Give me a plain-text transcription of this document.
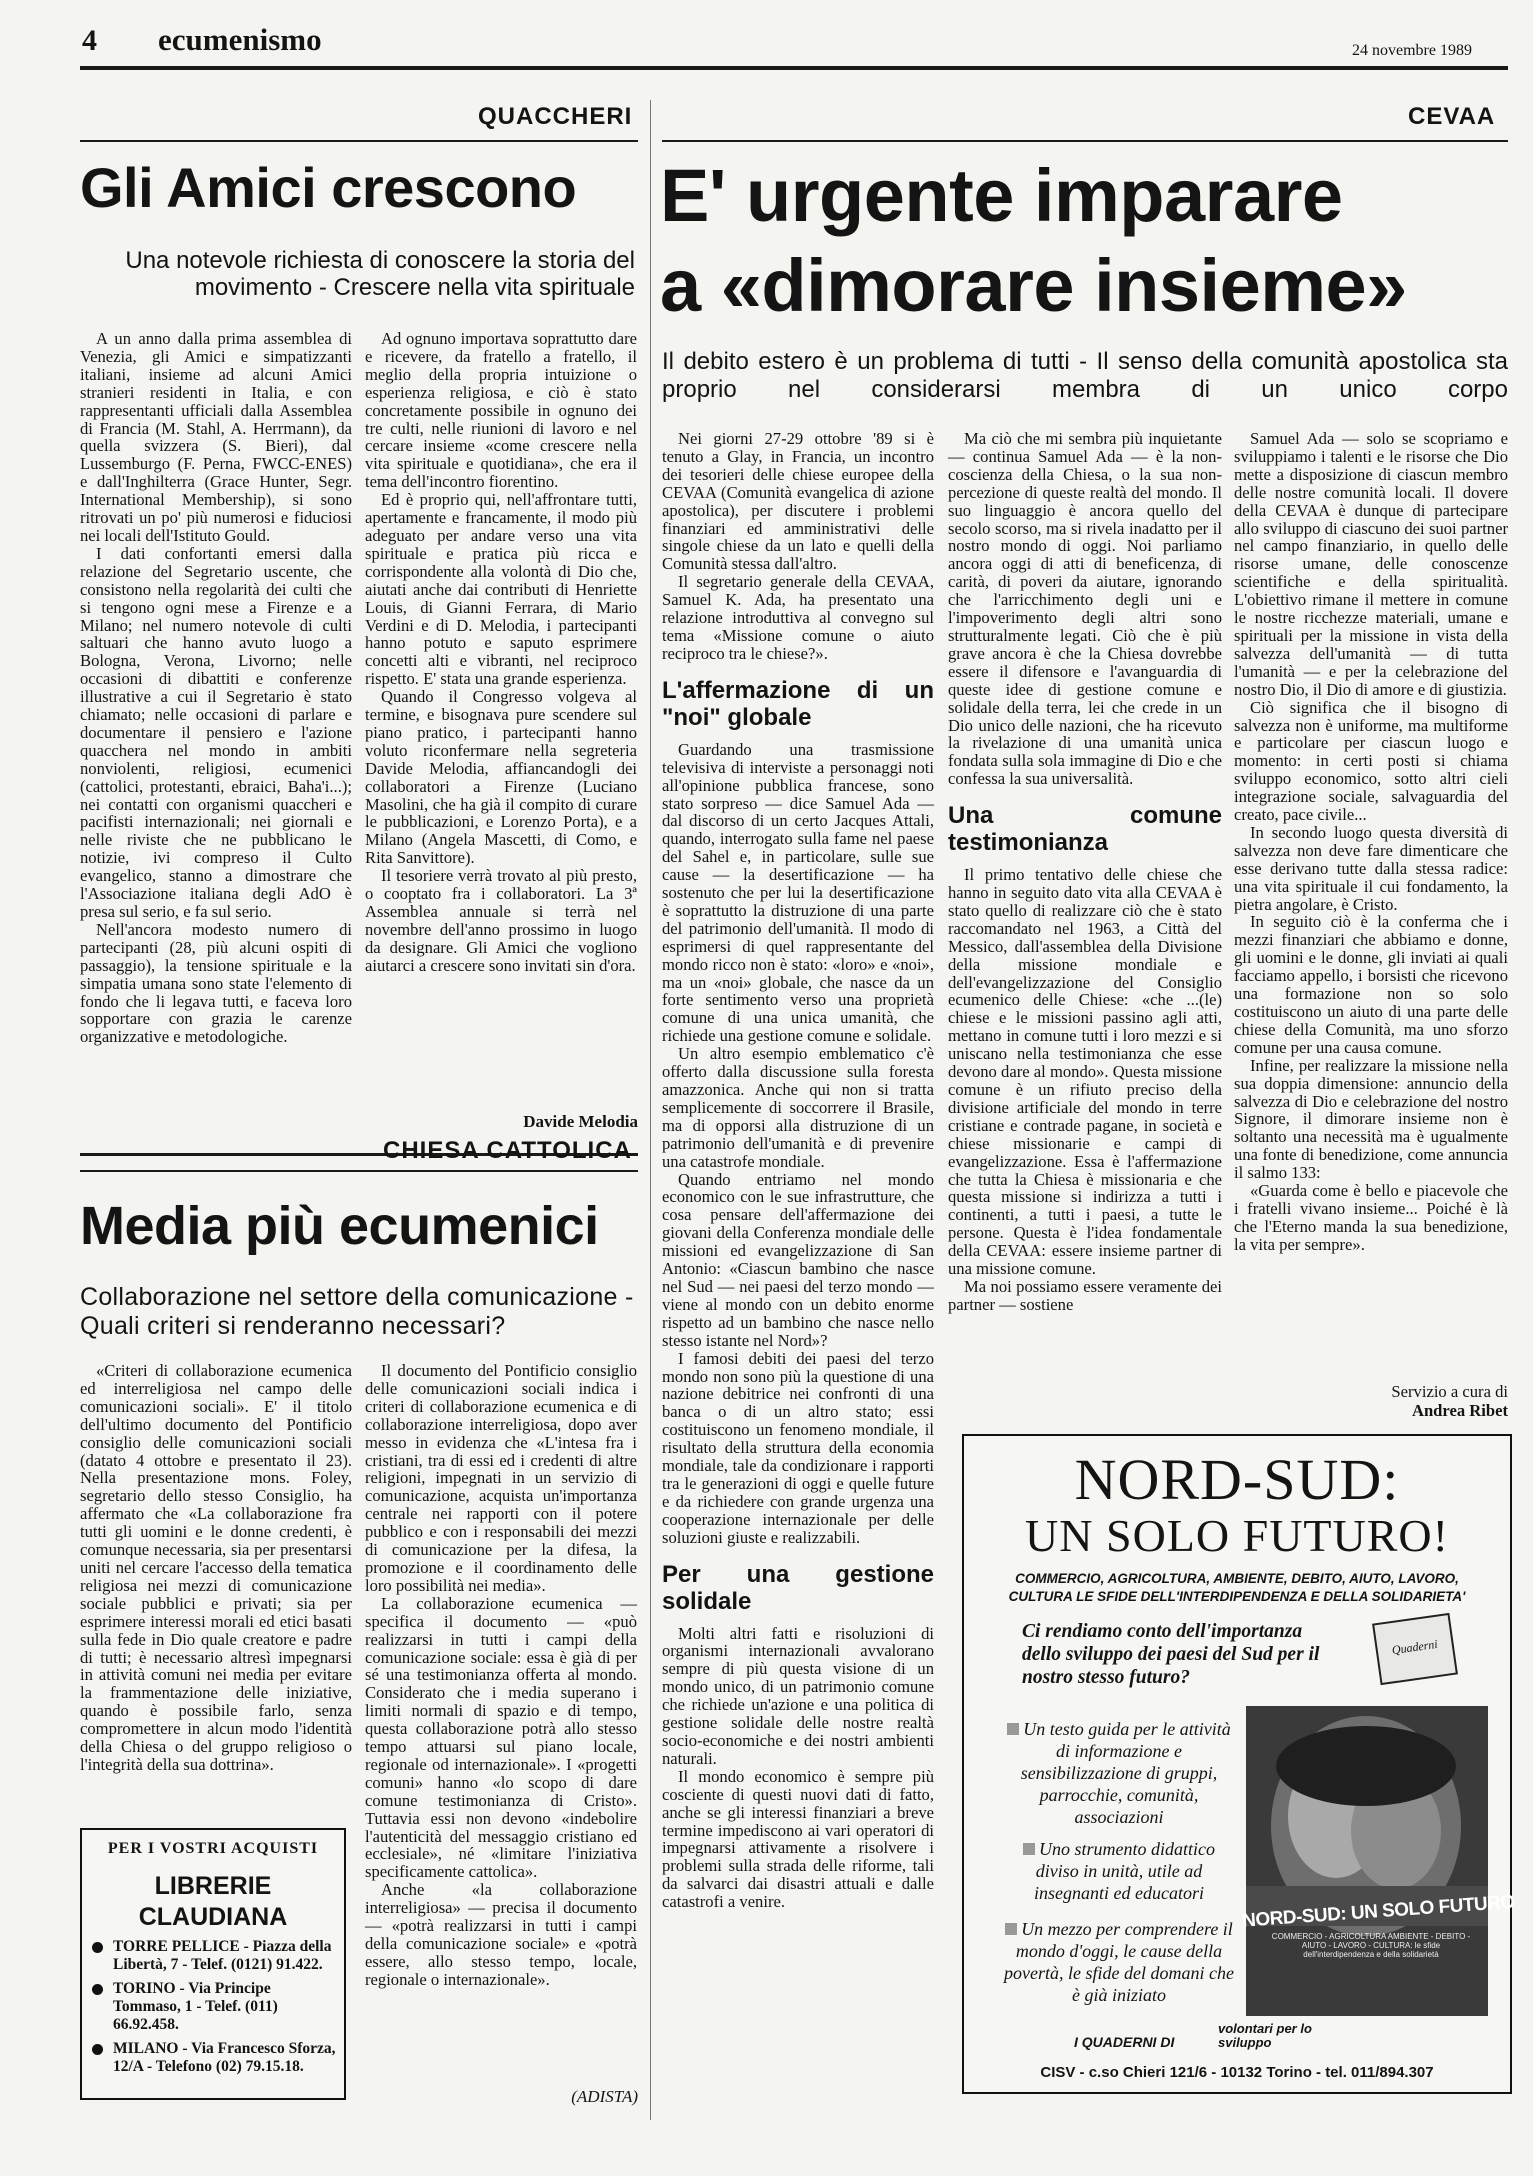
4 ecumenismo	24 novembre 1989
QUACCHERI
Gli Amici crescono
Una notevole richiesta di conoscere la storia del movimento - Crescere nella vita spirituale

A un anno dalla prima assemblea di Venezia, gli Amici e simpatizzanti italiani, insieme ad alcuni Amici stranieri residenti in Italia, e con rappresentanti ufficiali dalla Assemblea di Francia (M. Stahl, A. Herrmann), da quella svizzera (S. Bieri), dal Lussemburgo (F. Perna, FWCC-ENES) e dall'Inghilterra (Grace Hunter, Segr. International Membership), si sono ritrovati un po' più numerosi e fiduciosi nei locali dell'Istituto Gould.

I dati confortanti emersi dalla relazione del Segretario uscente, che consistono nella regolarità dei culti che si tengono ogni mese a Firenze e a Milano; nel numero notevole di culti saltuari che hanno avuto luogo a Bologna, Verona, Livorno; nelle occasioni di dibattiti e conferenze illustrative a cui il Segretario è stato chiamato; nelle occasioni di parlare e documentare il pensiero e l'azione quacchera nel mondo in ambiti nonviolenti, religiosi, ecumenici (cattolici, protestanti, ebraici, Baha'i...); nei contatti con organismi quaccheri e pacifisti internazionali; nei giornali e nelle riviste che ne pubblicano le notizie, ivi compreso il Culto evangelico, stanno a dimostrare che l'Associazione italiana degli AdO è presa sul serio, e fa sul serio.

Nell'ancora modesto numero di partecipanti (28, più alcuni ospiti di passaggio), la tensione spirituale e la simpatia umana sono state l'elemento di fondo che li legava tutti, e faceva loro sopportare con grazia le carenze organizzative e metodologiche.

Ad ognuno importava soprattutto dare e ricevere, da fratello a fratello, il meglio della propria intuizione o esperienza religiosa, e ciò è stato concretamente possibile in ognuno dei tre culti, nelle riunioni di lavoro e nel cercare insieme «come crescere nella vita spirituale e quotidiana», che era il tema dell'incontro fiorentino.

Ed è proprio qui, nell'affrontare tutti, apertamente e francamente, il modo più adeguato per andare verso una vita spirituale e pratica più ricca e corrispondente alla volontà di Dio che, aiutati anche dai contributi di Henriette Louis, di Gianni Ferrara, di Mario Verdini e di D. Melodia, i partecipanti hanno potuto e saputo esprimere concetti alti e vibranti, nel reciproco rispetto. E' stata una grande esperienza.

Quando il Congresso volgeva al termine, e bisognava pure scendere sul piano pratico, i partecipanti hanno voluto riconfermare nella segreteria Davide Melodia, affiancandogli dei collaboratori a Firenze (Luciano Masolini, che ha già il compito di curare le pubblicazioni, e Lorenzo Porta), e a Milano (Angela Mascetti, di Como, e Rita Sanvittore).

Il tesoriere verrà trovato al più presto, o cooptato fra i collaboratori. La 3ª Assemblea annuale si terrà nel novembre dell'anno prossimo in luogo da designare. Gli Amici che vogliono aiutarci a crescere sono invitati sin d'ora.

Davide Melodia
CHIESA CATTOLICA
Media più ecumenici
Collaborazione nel settore della comunicazione - Quali criteri si renderanno necessari?

«Criteri di collaborazione ecumenica ed interreligiosa nel campo delle comunicazioni sociali». E' il titolo dell'ultimo documento del Pontificio consiglio delle comunicazioni sociali (datato 4 ottobre e presentato il 23). Nella presentazione mons. Foley, segretario dello stesso Consiglio, ha affermato che «La collaborazione fra tutti gli uomini e le donne credenti, è comunque necessaria, sia per presentarsi uniti nel cercare l'accesso della tematica religiosa nei mezzi di comunicazione sociale pubblici e privati; sia per esprimere interessi morali ed etici basati sulla fede in Dio quale creatore e padre di tutti; è necessario altresì impegnarsi in attività comuni nei media per evitare la frammentazione delle iniziative, quando è possibile farlo, senza compromettere in alcun modo l'identità della Chiesa o del gruppo religioso o l'integrità della sua dottrina».

Il documento del Pontificio consiglio delle comunicazioni sociali indica i criteri di collaborazione ecumenica e di collaborazione interreligiosa, dopo aver messo in evidenza che «L'intesa fra i cristiani, tra di essi ed i credenti di altre religioni, impegnati in un servizio di comunicazione, acquista un'importanza centrale nei rapporti con il potere pubblico e con i responsabili dei mezzi di comunicazione per la difesa, la promozione e il coordinamento delle loro possibilità nei media».

La collaborazione ecumenica — specifica il documento — «può realizzarsi in tutti i campi della comunicazione sociale: essa è già di per sé una testimonianza offerta al mondo. Considerato che i media superano i limiti normali di spazio e di tempo, questa collaborazione potrà allo stesso tempo attuarsi sul piano locale, regionale od internazionale». I «progetti comuni» hanno «lo scopo di dare comune testimonianza di Cristo». Tuttavia essi non devono «indebolire l'autenticità del messaggio cristiano ed ecclesiale», né «limitare l'iniziativa specificamente cattolica».

Anche «la collaborazione interreligiosa» — precisa il documento — «potrà realizzarsi in tutti i campi della comunicazione sociale» e «potrà essere, allo stesso tempo, locale, regionale o internazionale».

(ADISTA)
PER I VOSTRI ACQUISTI
LIBRERIE
CLAUDIANA
TORRE PELLICE - Piazza della Libertà, 7 - Telef. (0121) 91.422.
TORINO - Via Principe Tommaso, 1 - Telef. (011) 66.92.458.
MILANO - Via Francesco Sforza, 12/A - Telefono (02) 79.15.18.
CEVAA
E' urgente imparare
a «dimorare insieme»
Il debito estero è un problema di tutti - Il senso della comunità apostolica sta proprio nel considerarsi membra di un unico corpo

Nei giorni 27-29 ottobre '89 si è tenuto a Glay, in Francia, un incontro dei tesorieri delle chiese europee della CEVAA (Comunità evangelica di azione apostolica), per discutere i problemi finanziari ed amministrativi delle singole chiese da un lato e quelli della Comunità stessa dall'altro.

Il segretario generale della CEVAA, Samuel K. Ada, ha presentato una relazione introduttiva al convegno sul tema «Missione comune o aiuto reciproco tra le chiese?».

L'affermazione di un "noi" globale

Guardando una trasmissione televisiva di interviste a personaggi noti all'opinione pubblica francese, sono stato sorpreso — dice Samuel Ada — dal discorso di un certo Jacques Attali, quando, interrogato sulla fame nel paese del Sahel e, in particolare, sulle sue cause — la desertificazione — ha sostenuto che per lui la desertificazione è soprattutto la distruzione di una parte del patrimonio dell'umanità. Il modo di esprimersi di quel rappresentante del mondo ricco non è stato: «loro» e «noi», ma un «noi» globale, che nasce da un forte sentimento verso una proprietà comune di una unica umanità, che richiede una gestione comune e solidale.

Un altro esempio emblematico c'è offerto dalla discussione sulla foresta amazzonica. Anche qui non si tratta semplicemente di soccorrere il Brasile, ma di opporsi alla distruzione di un patrimonio dell'umanità e di prevenire una catastrofe mondiale.

Quando entriamo nel mondo economico con le sue infrastrutture, che cosa pensare dell'affermazione dei giovani della Conferenza mondiale delle missioni ed evangelizzazione di San Antonio: «Ciascun bambino che nasce nel Sud — nei paesi del terzo mondo — viene al mondo con un debito enorme rispetto ad un bambino che nasce nello stesso istante nel Nord»?

I famosi debiti dei paesi del terzo mondo non sono più la questione di una nazione debitrice nei confronti di una banca o di un altro stato; essi costituiscono un fenomeno mondiale, il risultato della struttura della economia mondiale, tale da condizionare i rapporti tra le generazioni di oggi e quelle future e da richiedere con grande urgenza una cooperazione internazionale per delle soluzioni giuste e realizzabili.

Per una gestione solidale

Molti altri fatti e risoluzioni di organismi internazionali avvalorano sempre di più questa visione di un mondo unico, di un patrimonio comune che richiede un'azione e una politica di gestione solidale delle nostre realtà socio-economiche e dei nostri ambienti naturali.

Il mondo economico è sempre più cosciente di questi nuovi dati di fatto, anche se gli interessi finanziari a breve termine impediscono ai vari operatori di impegnarsi attivamente a risolvere i problemi sulla strada delle riforme, tali da salvarci dai disastri attuali e dalle catastrofi a venire.

Ma ciò che mi sembra più inquietante — continua Samuel Ada — è la non-coscienza della Chiesa, o la sua non-percezione di queste realtà del mondo. Il suo linguaggio è ancora quello del secolo scorso, ma si rivela inadatto per il nostro mondo di oggi. Noi parliamo ancora oggi di atti di beneficenza, di carità, di poveri da aiutare, ignorando che l'arricchimento degli uni e l'impoverimento degli altri sono strutturalmente legati. Ciò che è più grave ancora è che la Chiesa dovrebbe essere il difensore e l'avanguardia di queste idee di gestione comune e solidale della terra, lei che crede in un Dio unico delle nazioni, che ha ricevuto la rivelazione di una umanità unica fondata sulla sola immagine di Dio e che confessa la sua universalità.

Una comune testimonianza

Il primo tentativo delle chiese che hanno in seguito dato vita alla CEVAA è stato quello di realizzare ciò che è stato raccomandato nel 1963, a Città del Messico, dall'assemblea della Divisione della missione mondiale e dell'evangelizzazione del Consiglio ecumenico delle Chiese: «che ...(le) chiese e le missioni passino agli atti, mettano in comune tutti i loro mezzi e si uniscano nella testimonianza che esse devono dare al mondo». Questa missione comune è un rifiuto preciso della divisione artificiale del mondo in terre cristiane e contrade pagane, in società e chiese missionarie e campi di evangelizzazione. Essa è l'affermazione che tutta la Chiesa è missionaria e che questa missione si indirizza a tutti i continenti, a tutti i paesi, a tutte le persone. Questa è l'idea fondamentale della CEVAA: essere insieme partner di una missione comune.

Ma noi possiamo essere veramente dei partner — sostiene

Samuel Ada — solo se scopriamo e sviluppiamo i talenti e le risorse che Dio mette a disposizione di ciascun membro delle nostre comunità locali. Il dovere della CEVAA è dunque di partecipare allo sviluppo di ciascuno dei suoi partner nel campo finanziario, in quello delle risorse umane, delle conoscenze scientifiche e della spiritualità. L'obiettivo rimane il mettere in comune le nostre ricchezze materiali, umane e spirituali per la missione in vista della salvezza dell'umanità — di tutta l'umanità — e per la celebrazione del nostro Dio, il Dio di amore e di giustizia.

Ciò significa che il bisogno di salvezza non è uniforme, ma multiforme e particolare per ciascun luogo e momento: in certi posti si chiama sviluppo economico, sotto altri cieli integrazione sociale, salvaguardia del creato, pace civile...

In secondo luogo questa diversità di salvezza non deve fare dimenticare che esse derivano tutte dalla stessa radice: una vita spirituale il cui fondamento, la pietra angolare, è Cristo.

In seguito ciò è la conferma che i mezzi finanziari che abbiamo e donne, gli uomini e le donne, gli inviati ai quali facciamo appello, i borsisti che ricevono una formazione non so solo costituiscono un aiuto di una parte delle chiese della Comunità, ma uno sforzo comune per una causa comune.

Infine, per realizzare la missione nella sua doppia dimensione: annuncio della salvezza di Dio e celebrazione del nostro Signore, il dimorare insieme non è soltanto una necessità ma è ugualmente una fonte di benedizione, come annuncia il salmo 133:

«Guarda come è bello e piacevole che i fratelli vivano insieme... Poiché è là che l'Eterno manda la sua benedizione, la vita per sempre».

Servizio a cura di
Andrea Ribet
NORD-SUD:
UN SOLO FUTURO!
COMMERCIO, AGRICOLTURA, AMBIENTE, DEBITO, AIUTO, LAVORO, CULTURA LE SFIDE DELL'INTERDIPENDENZA E DELLA SOLIDARIETA'
Ci rendiamo conto dell'importanza dello sviluppo dei paesi del Sud per il nostro stesso futuro?
Quaderni
Un testo guida per le attività di informazione e sensibilizzazione di gruppi, parrocchie, comunità, associazioni
Uno strumento didattico diviso in unità, utile ad insegnanti ed educatori
Un mezzo per comprendere il mondo d'oggi, le cause della povertà, le sfide del domani che è già iniziato
NORD-SUD: UN SOLO FUTURO
COMMERCIO - AGRICOLTURA AMBIENTE - DEBITO - AIUTO - LAVORO - CULTURA: le sfide dell'interdipendenza e della solidarietà
I QUADERNI DI
volontari per lo sviluppo
CISV - c.so Chieri 121/6 - 10132 Torino - tel. 011/894.307
